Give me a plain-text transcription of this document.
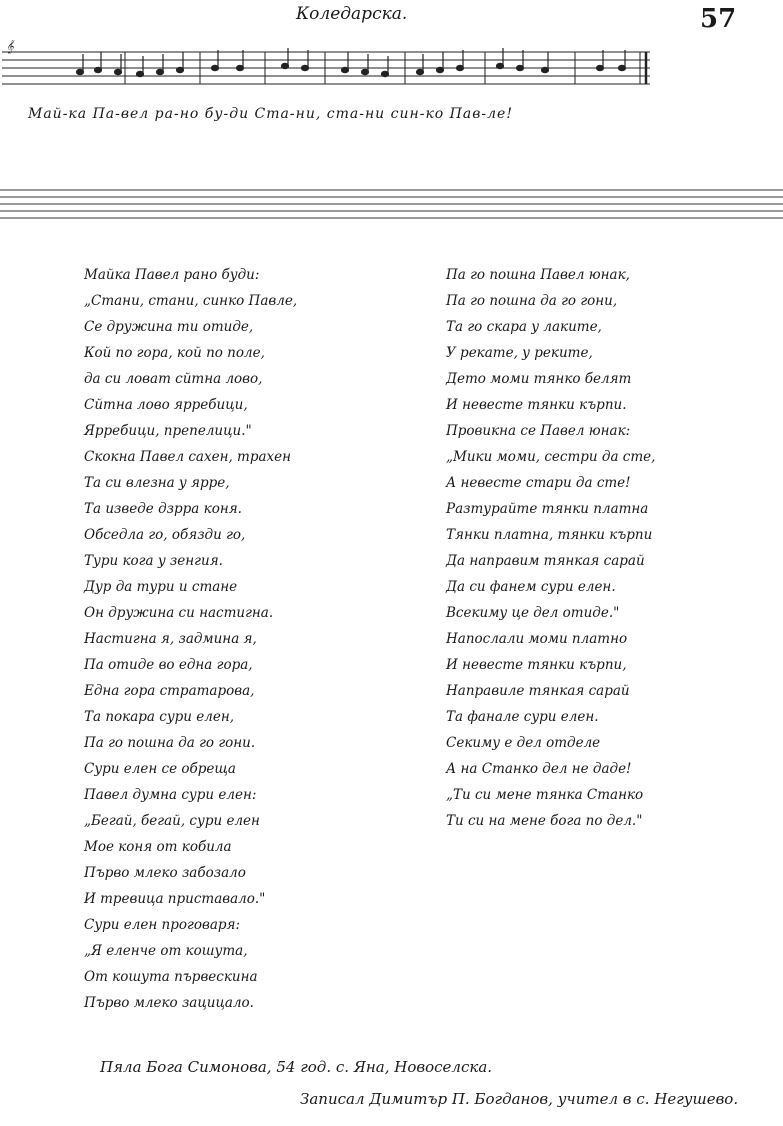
Коледарска.	57
𝄞
Май-ка Па-вел ра-но бу-ди Ста-ни, ста-ни син-ко Пав-ле!
Майка Павел рано буди:
„Стани, стани, синко Павле,
Се дружина ти отиде,
Кой по гора, кой по поле,
да си ловат сйтна лово,
Сйтна лово ярребици,
Ярребици, препелици."
Скокна Павел сахен, трахен
Та си влезна у ярре,
Та изведе дзрра коня.
Обседла го, обязди го,
Тури кога у зенгия.
Дур да тури и стане
Он дружина си настигна.
Настигна я, задмина я,
Па отиде во една гора,
Една гора стратарова,
Та покара сури елен,
Па го пошна да го гони.
Сури елен се обреща
Павел думна сури елен:
„Бегай, бегай, сури елен
Мое коня от кобила
Първо млеко забозало
И тревица приставало."
Сури елен проговаря:
„Я еленче от кошута,
От кошута първескина
Първо млеко зацицало.
Па го пошна Павел юнак,
Па го пошна да го гони,
Та го скара у лаките,
У рекате, у реките,
Дето моми тянко белят
И невесте тянки кърпи.
Провикна се Павел юнак:
„Мики моми, сестри да сте,
А невесте стари да сте!
Разтурайте тянки платна
Тянки платна, тянки кърпи
Да направим тянкая сарай
Да си фанем сури елен.
Всекиму це дел отиде."
Напослали моми платно
И невесте тянки кърпи,
Направиле тянкая сарай
Та фанале сури елен.
Секиму е дел отделе
А на Станко дел не даде!
„Ти си мене тянка Станко
Ти си на мене бога по дел."
Пяла Бога Симонова, 54 год. с. Яна, Новоселска.
Записал Димитър П. Богданов, учител в с. Негушево.
